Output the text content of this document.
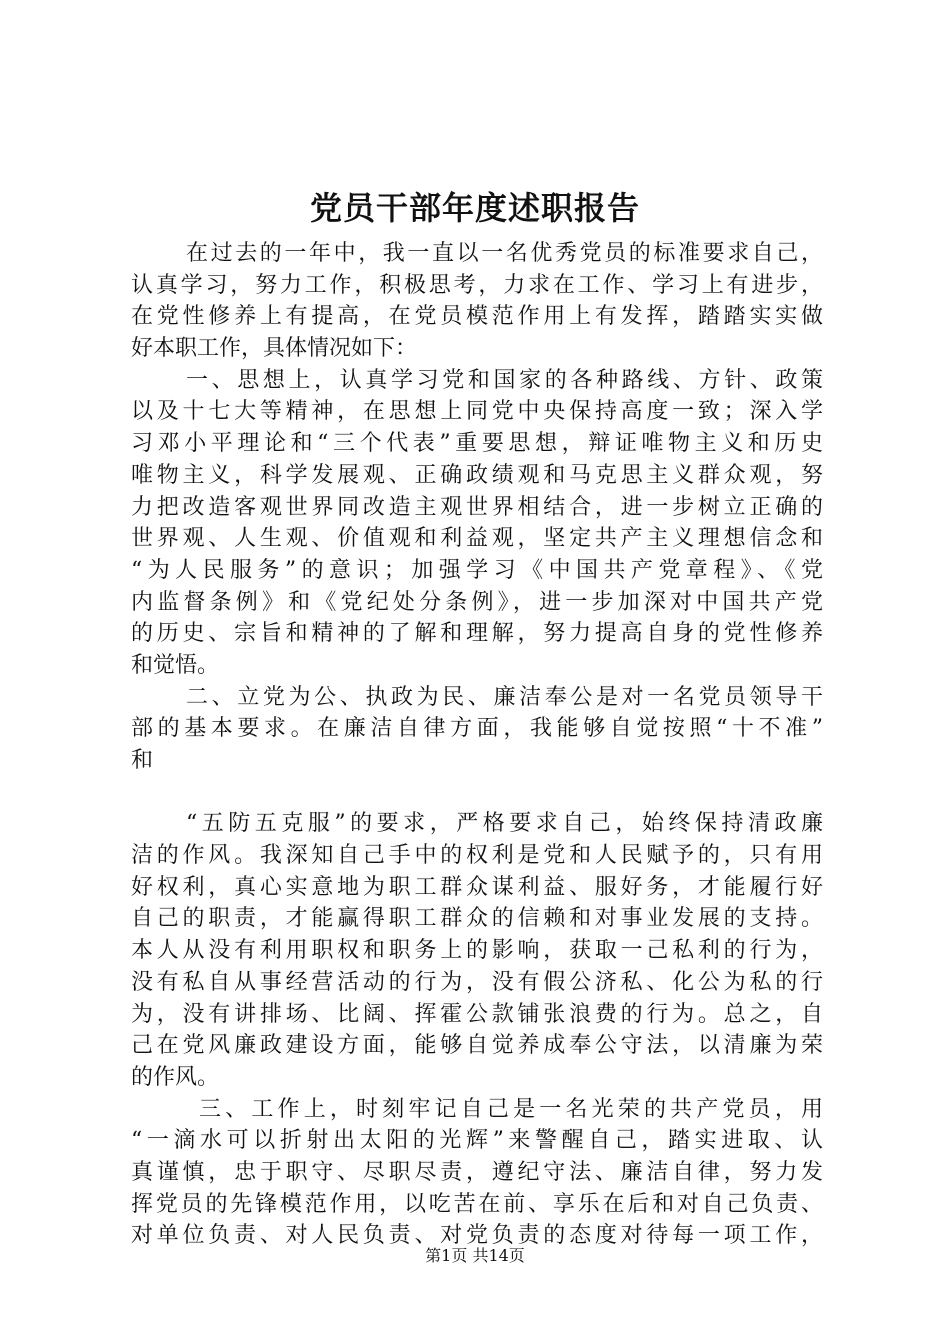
党员干部年度述职报告
在过去的一年中，我一直以一名优秀党员的标准要求自己，
认真学习，努力工作，积极思考，力求在工作、学习上有进步，
在党性修养上有提高，在党员模范作用上有发挥，踏踏实实做
好本职工作，具体情况如下：
一、思想上，认真学习党和国家的各种路线、方针、政策
以及十七大等精神，在思想上同党中央保持高度一致；深入学
习邓小平理论和“三个代表”重要思想，辩证唯物主义和历史
唯物主义，科学发展观、正确政绩观和马克思主义群众观，努
力把改造客观世界同改造主观世界相结合，进一步树立正确的
世界观、人生观、价值观和利益观，坚定共产主义理想信念和
“为人民服务”的意识；加强学习《中国共产党章程》、《党
内监督条例》和《党纪处分条例》，进一步加深对中国共产党
的历史、宗旨和精神的了解和理解，努力提高自身的党性修养
和觉悟。
二、立党为公、执政为民、廉洁奉公是对一名党员领导干
部的基本要求。在廉洁自律方面，我能够自觉按照“十不准”
和
“五防五克服”的要求，严格要求自己，始终保持清政廉
洁的作风。我深知自己手中的权利是党和人民赋予的，只有用
好权利，真心实意地为职工群众谋利益、服好务，才能履行好
自己的职责，才能赢得职工群众的信赖和对事业发展的支持。
本人从没有利用职权和职务上的影响，获取一己私利的行为，
没有私自从事经营活动的行为，没有假公济私、化公为私的行
为，没有讲排场、比阔、挥霍公款铺张浪费的行为。总之，自
己在党风廉政建设方面，能够自觉养成奉公守法，以清廉为荣
的作风。
三、工作上，时刻牢记自己是一名光荣的共产党员，用
“一滴水可以折射出太阳的光辉”来警醒自己，踏实进取、认
真谨慎，忠于职守、尽职尽责，遵纪守法、廉洁自律，努力发
挥党员的先锋模范作用，以吃苦在前、享乐在后和对自己负责、
对单位负责、对人民负责、对党负责的态度对待每一项工作，
第1页 共14页
